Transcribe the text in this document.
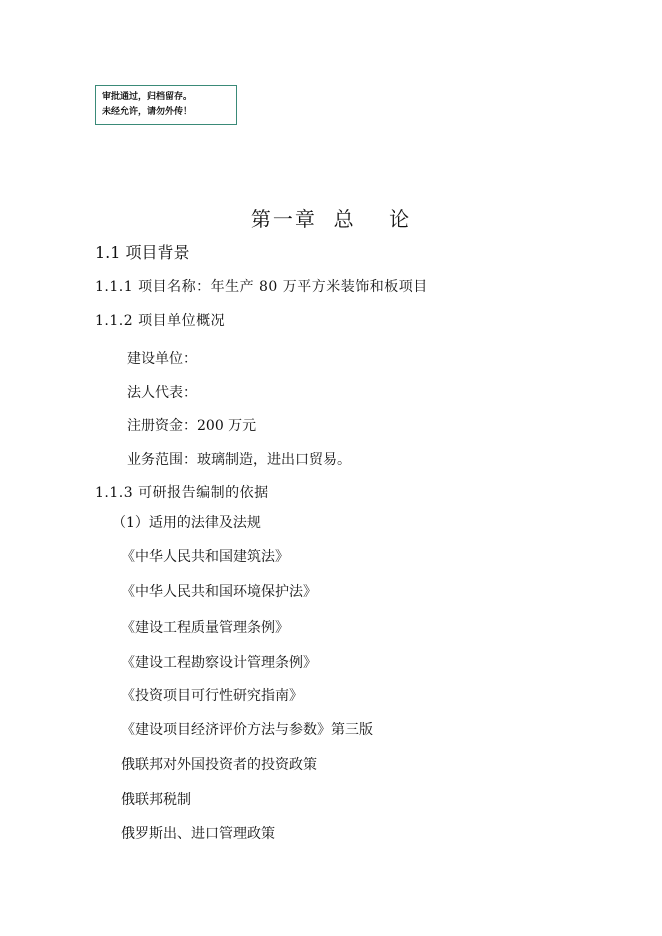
审批通过，归档留存。
未经允许，请勿外传！
第一章  总    论
1.1 项目背景
1.1.1 项目名称：年生产 80 万平方米装饰和板项目
1.1.2 项目单位概况
建设单位：
法人代表：
注册资金：200 万元
业务范围：玻璃制造，进出口贸易。
1.1.3 可研报告编制的依据
（1）适用的法律及法规
《中华人民共和国建筑法》
《中华人民共和国环境保护法》
《建设工程质量管理条例》
《建设工程勘察设计管理条例》
《投资项目可行性研究指南》
《建设项目经济评价方法与参数》第三版
俄联邦对外国投资者的投资政策
俄联邦税制
俄罗斯出、进口管理政策
